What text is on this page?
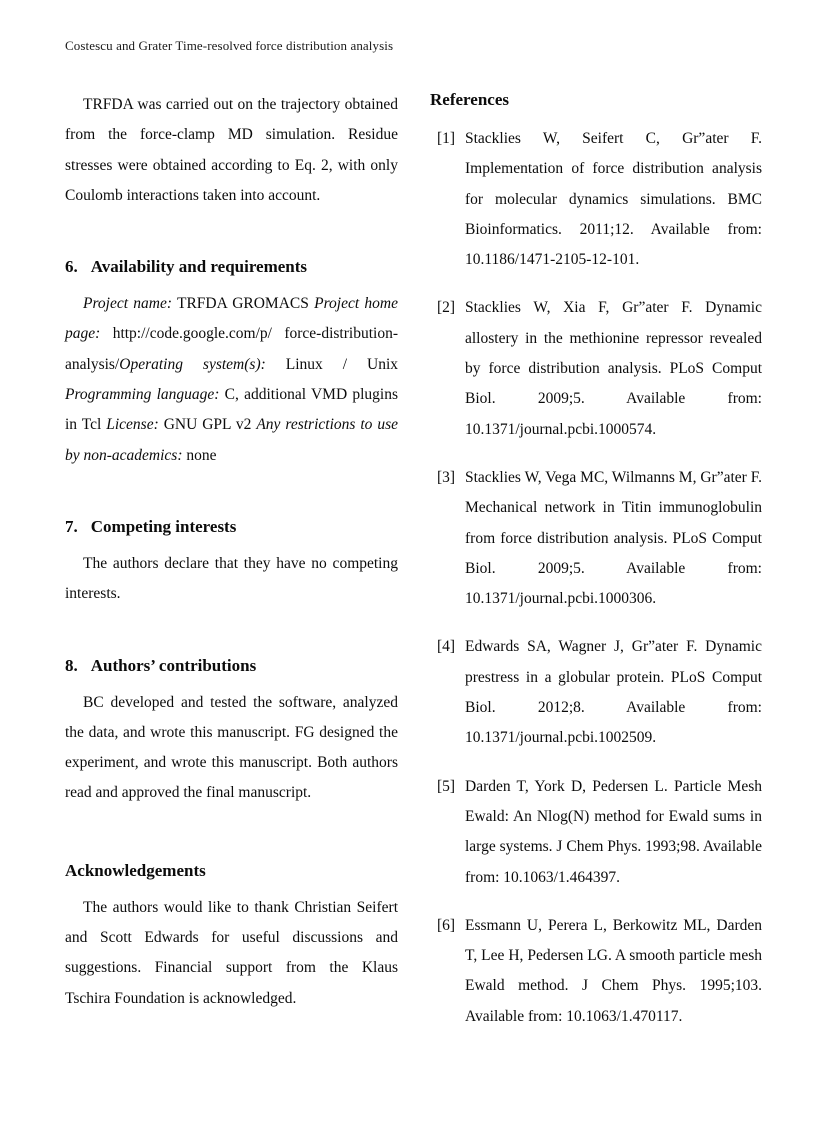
Costescu and Grater Time-resolved force distribution analysis

TRFDA was carried out on the trajectory obtained from the force-clamp MD simulation. Residue stresses were obtained according to Eq. 2, with only Coulomb interactions taken into account.

6. Availability and requirements

Project name: TRFDA GROMACS Project home page: http://code.google.com/p/ force-distribution-analysis/Operating system(s): Linux / Unix Programming language: C, additional VMD plugins in Tcl License: GNU GPL v2 Any restrictions to use by non-academics: none

7. Competing interests

The authors declare that they have no competing interests.

8. Authors’ contributions

BC developed and tested the software, analyzed the data, and wrote this manuscript. FG designed the experiment, and wrote this manuscript. Both authors read and approved the final manuscript.

Acknowledgements

The authors would like to thank Christian Seifert and Scott Edwards for useful discussions and suggestions. Financial support from the Klaus Tschira Foundation is acknowledged.

References
[1] Stacklies W, Seifert C, Gr”ater F. Implementation of force distribution analysis for molecular dynamics simulations. BMC Bioinformatics. 2011;12. Available from: 10.1186/1471-2105-12-101.
[2] Stacklies W, Xia F, Gr”ater F. Dynamic allostery in the methionine repressor revealed by force distribution analysis. PLoS Comput Biol. 2009;5. Available from: 10.1371/journal.pcbi.1000574.
[3] Stacklies W, Vega MC, Wilmanns M, Gr”ater F. Mechanical network in Titin immunoglobulin from force distribution analysis. PLoS Comput Biol. 2009;5. Available from: 10.1371/journal.pcbi.1000306.
[4] Edwards SA, Wagner J, Gr”ater F. Dynamic prestress in a globular protein. PLoS Comput Biol. 2012;8. Available from: 10.1371/journal.pcbi.1002509.
[5] Darden T, York D, Pedersen L. Particle Mesh Ewald: An Nlog(N) method for Ewald sums in large systems. J Chem Phys. 1993;98. Available from: 10.1063/1.464397.
[6] Essmann U, Perera L, Berkowitz ML, Darden T, Lee H, Pedersen LG. A smooth particle mesh Ewald method. J Chem Phys. 1995;103. Available from: 10.1063/1.470117.
